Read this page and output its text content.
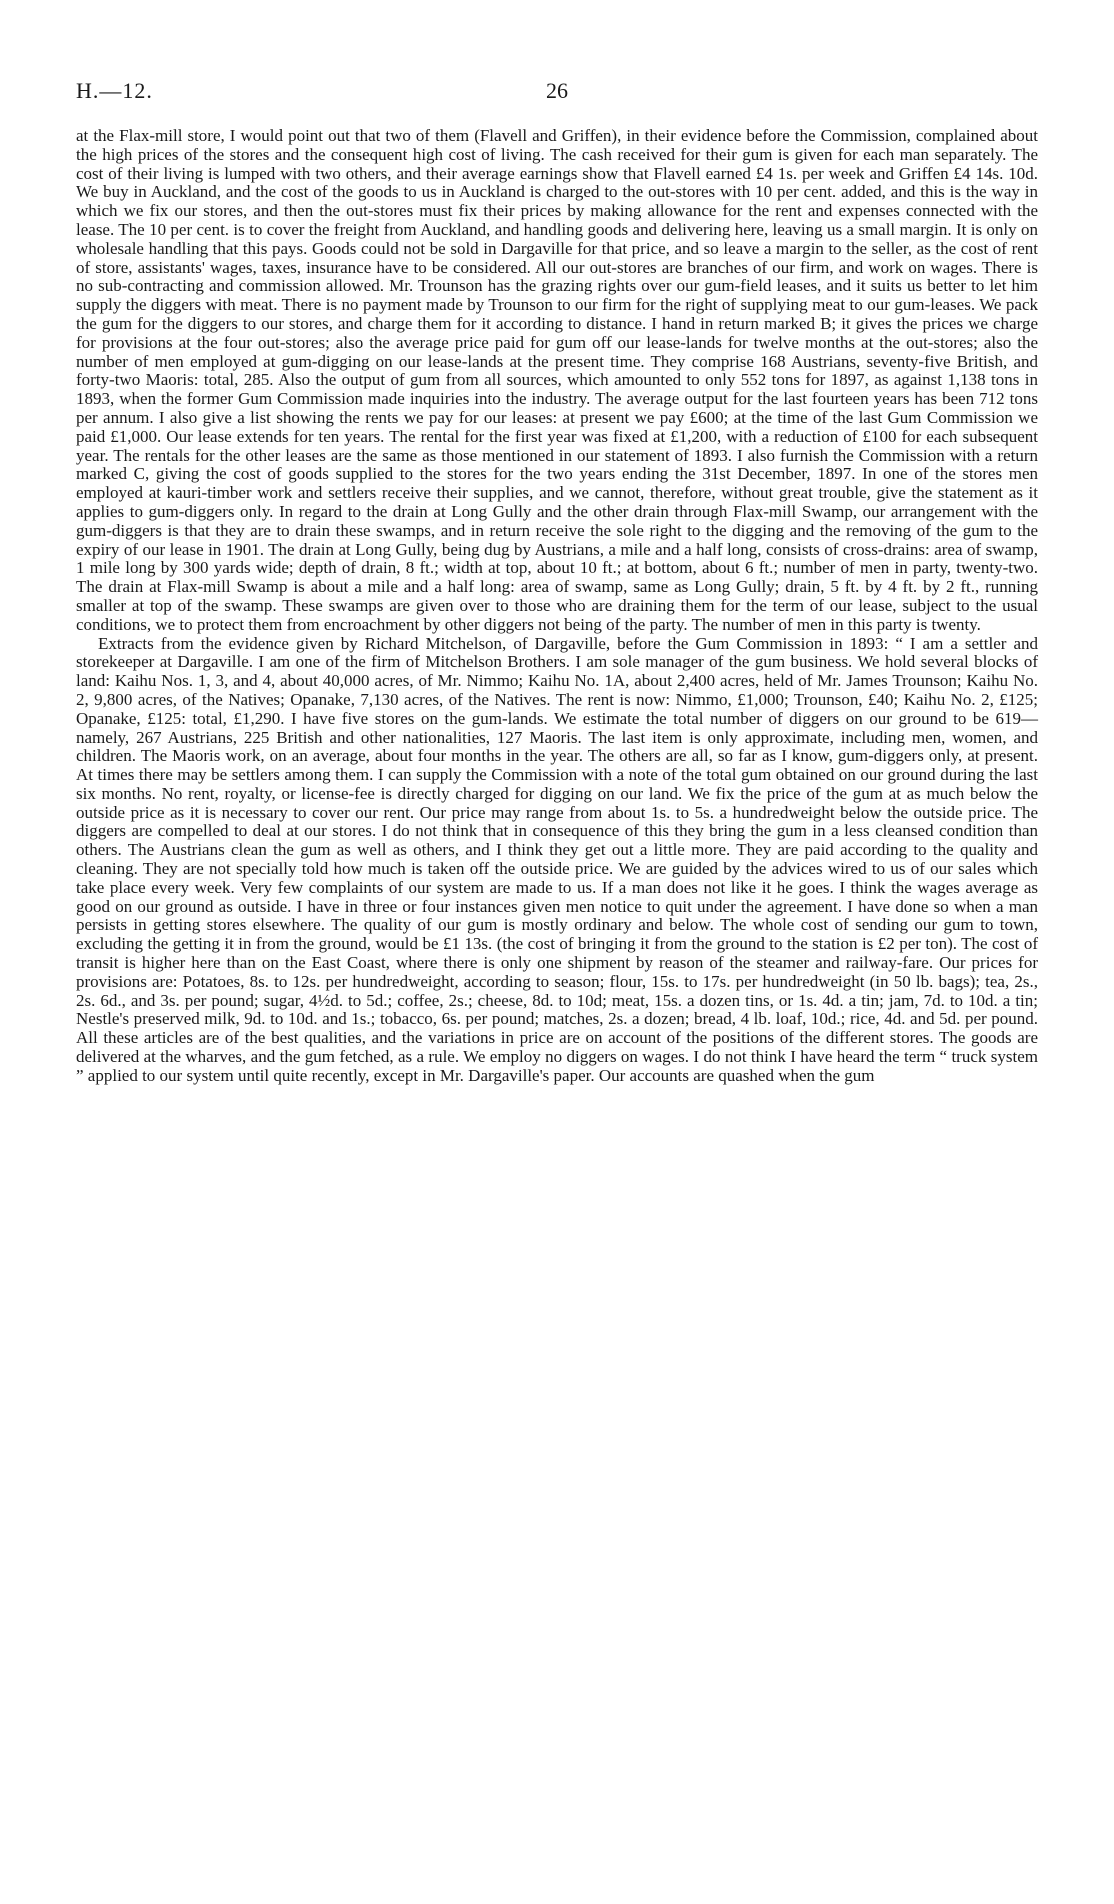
H.—12.	26

at the Flax-mill store, I would point out that two of them (Flavell and Griffen), in their evidence before the Commission, complained about the high prices of the stores and the consequent high cost of living. The cash received for their gum is given for each man separately. The cost of their living is lumped with two others, and their average earnings show that Flavell earned £4 1s. per week and Griffen £4 14s. 10d. We buy in Auckland, and the cost of the goods to us in Auckland is charged to the out-stores with 10 per cent. added, and this is the way in which we fix our stores, and then the out-stores must fix their prices by making allowance for the rent and expenses connected with the lease. The 10 per cent. is to cover the freight from Auckland, and handling goods and delivering here, leaving us a small margin. It is only on wholesale handling that this pays. Goods could not be sold in Dargaville for that price, and so leave a margin to the seller, as the cost of rent of store, assistants' wages, taxes, insurance have to be considered. All our out-stores are branches of our firm, and work on wages. There is no sub-contracting and commission allowed. Mr. Trounson has the grazing rights over our gum-field leases, and it suits us better to let him supply the diggers with meat. There is no payment made by Trounson to our firm for the right of supplying meat to our gum-leases. We pack the gum for the diggers to our stores, and charge them for it according to distance. I hand in return marked B; it gives the prices we charge for provisions at the four out-stores; also the average price paid for gum off our lease-lands for twelve months at the out-stores; also the number of men employed at gum-digging on our lease-lands at the present time. They comprise 168 Austrians, seventy-five British, and forty-two Maoris: total, 285. Also the output of gum from all sources, which amounted to only 552 tons for 1897, as against 1,138 tons in 1893, when the former Gum Commission made inquiries into the industry. The average output for the last fourteen years has been 712 tons per annum. I also give a list showing the rents we pay for our leases: at present we pay £600; at the time of the last Gum Commission we paid £1,000. Our lease extends for ten years. The rental for the first year was fixed at £1,200, with a reduction of £100 for each subsequent year. The rentals for the other leases are the same as those mentioned in our statement of 1893. I also furnish the Commission with a return marked C, giving the cost of goods supplied to the stores for the two years ending the 31st December, 1897. In one of the stores men employed at kauri-timber work and settlers receive their supplies, and we cannot, therefore, without great trouble, give the statement as it applies to gum-diggers only. In regard to the drain at Long Gully and the other drain through Flax-mill Swamp, our arrangement with the gum-diggers is that they are to drain these swamps, and in return receive the sole right to the digging and the removing of the gum to the expiry of our lease in 1901. The drain at Long Gully, being dug by Austrians, a mile and a half long, consists of cross-drains: area of swamp, 1 mile long by 300 yards wide; depth of drain, 8 ft.; width at top, about 10 ft.; at bottom, about 6 ft.; number of men in party, twenty-two. The drain at Flax-mill Swamp is about a mile and a half long: area of swamp, same as Long Gully; drain, 5 ft. by 4 ft. by 2 ft., running smaller at top of the swamp. These swamps are given over to those who are draining them for the term of our lease, subject to the usual conditions, we to protect them from encroachment by other diggers not being of the party. The number of men in this party is twenty.

Extracts from the evidence given by Richard Mitchelson, of Dargaville, before the Gum Commission in 1893: “ I am a settler and storekeeper at Dargaville. I am one of the firm of Mitchelson Brothers. I am sole manager of the gum business. We hold several blocks of land: Kaihu Nos. 1, 3, and 4, about 40,000 acres, of Mr. Nimmo; Kaihu No. 1A, about 2,400 acres, held of Mr. James Trounson; Kaihu No. 2, 9,800 acres, of the Natives; Opanake, 7,130 acres, of the Natives. The rent is now: Nimmo, £1,000; Trounson, £40; Kaihu No. 2, £125; Opanake, £125: total, £1,290. I have five stores on the gum-lands. We estimate the total number of diggers on our ground to be 619—namely, 267 Austrians, 225 British and other nationalities, 127 Maoris. The last item is only approximate, including men, women, and children. The Maoris work, on an average, about four months in the year. The others are all, so far as I know, gum-diggers only, at present. At times there may be settlers among them. I can supply the Commission with a note of the total gum obtained on our ground during the last six months. No rent, royalty, or license-fee is directly charged for digging on our land. We fix the price of the gum at as much below the outside price as it is necessary to cover our rent. Our price may range from about 1s. to 5s. a hundredweight below the outside price. The diggers are compelled to deal at our stores. I do not think that in consequence of this they bring the gum in a less cleansed condition than others. The Austrians clean the gum as well as others, and I think they get out a little more. They are paid according to the quality and cleaning. They are not specially told how much is taken off the outside price. We are guided by the advices wired to us of our sales which take place every week. Very few complaints of our system are made to us. If a man does not like it he goes. I think the wages average as good on our ground as outside. I have in three or four instances given men notice to quit under the agreement. I have done so when a man persists in getting stores elsewhere. The quality of our gum is mostly ordinary and below. The whole cost of sending our gum to town, excluding the getting it in from the ground, would be £1 13s. (the cost of bringing it from the ground to the station is £2 per ton). The cost of transit is higher here than on the East Coast, where there is only one shipment by reason of the steamer and railway-fare. Our prices for provisions are: Potatoes, 8s. to 12s. per hundredweight, according to season; flour, 15s. to 17s. per hundredweight (in 50 lb. bags); tea, 2s., 2s. 6d., and 3s. per pound; sugar, 4½d. to 5d.; coffee, 2s.; cheese, 8d. to 10d; meat, 15s. a dozen tins, or 1s. 4d. a tin; jam, 7d. to 10d. a tin; Nestle's preserved milk, 9d. to 10d. and 1s.; tobacco, 6s. per pound; matches, 2s. a dozen; bread, 4 lb. loaf, 10d.; rice, 4d. and 5d. per pound. All these articles are of the best qualities, and the variations in price are on account of the positions of the different stores. The goods are delivered at the wharves, and the gum fetched, as a rule. We employ no diggers on wages. I do not think I have heard the term “ truck system ” applied to our system until quite recently, except in Mr. Dargaville's paper. Our accounts are quashed when the gum
